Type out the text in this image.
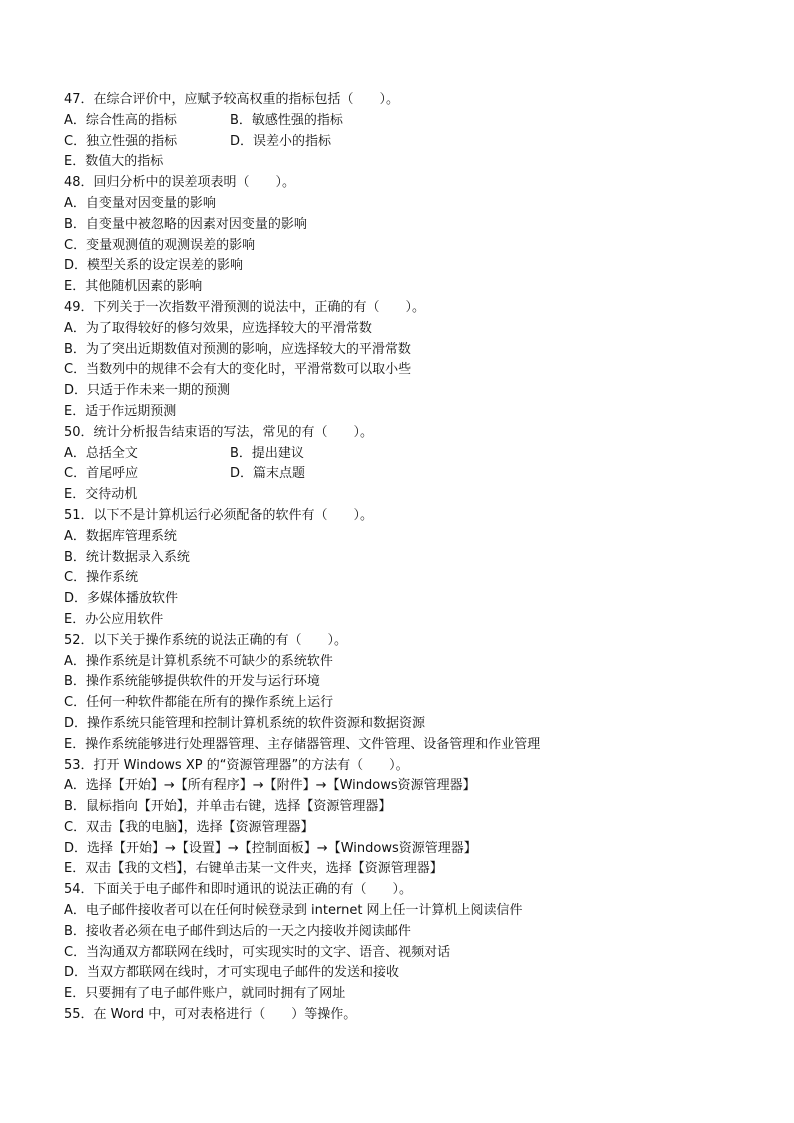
47．在综合评价中，应赋予较高权重的指标包括（　　）。
A．综合性高的指标	B．敏感性强的指标
C．独立性强的指标	D．误差小的指标
E．数值大的指标
48．回归分析中的误差项表明（　　）。
A．自变量对因变量的影响
B．自变量中被忽略的因素对因变量的影响
C．变量观测值的观测误差的影响
D．模型关系的设定误差的影响
E．其他随机因素的影响
49．下列关于一次指数平滑预测的说法中，正确的有（　　）。
A．为了取得较好的修匀效果，应选择较大的平滑常数
B．为了突出近期数值对预测的影响，应选择较大的平滑常数
C．当数列中的规律不会有大的变化时，平滑常数可以取小些
D．只适于作未来一期的预测
E．适于作远期预测
50．统计分析报告结束语的写法，常见的有（　　）。
A．总括全文	B．提出建议
C．首尾呼应	D．篇末点题
E．交待动机
51．以下不是计算机运行必须配备的软件有（　　）。
A．数据库管理系统
B．统计数据录入系统
C．操作系统
D．多媒体播放软件
E．办公应用软件
52．以下关于操作系统的说法正确的有（　　）。
A．操作系统是计算机系统不可缺少的系统软件
B．操作系统能够提供软件的开发与运行环境
C．任何一种软件都能在所有的操作系统上运行
D．操作系统只能管理和控制计算机系统的软件资源和数据资源
E．操作系统能够进行处理器管理、主存储器管理、文件管理、设备管理和作业管理
53．打开 Windows XP 的“资源管理器”的方法有（　　）。
A．选择【开始】→【所有程序】→【附件】→【Windows资源管理器】
B．鼠标指向【开始】，并单击右键，选择【资源管理器】
C．双击【我的电脑】，选择【资源管理器】
D．选择【开始】→【设置】→【控制面板】→【Windows资源管理器】
E．双击【我的文档】，右键单击某一文件夹，选择【资源管理器】
54．下面关于电子邮件和即时通讯的说法正确的有（　　）。
A．电子邮件接收者可以在任何时候登录到 internet 网上任一计算机上阅读信件
B．接收者必须在电子邮件到达后的一天之内接收并阅读邮件
C．当沟通双方都联网在线时，可实现实时的文字、语音、视频对话
D．当双方都联网在线时，才可实现电子邮件的发送和接收
E．只要拥有了电子邮件账户，就同时拥有了网址
55．在 Word 中，可对表格进行（　　）等操作。
